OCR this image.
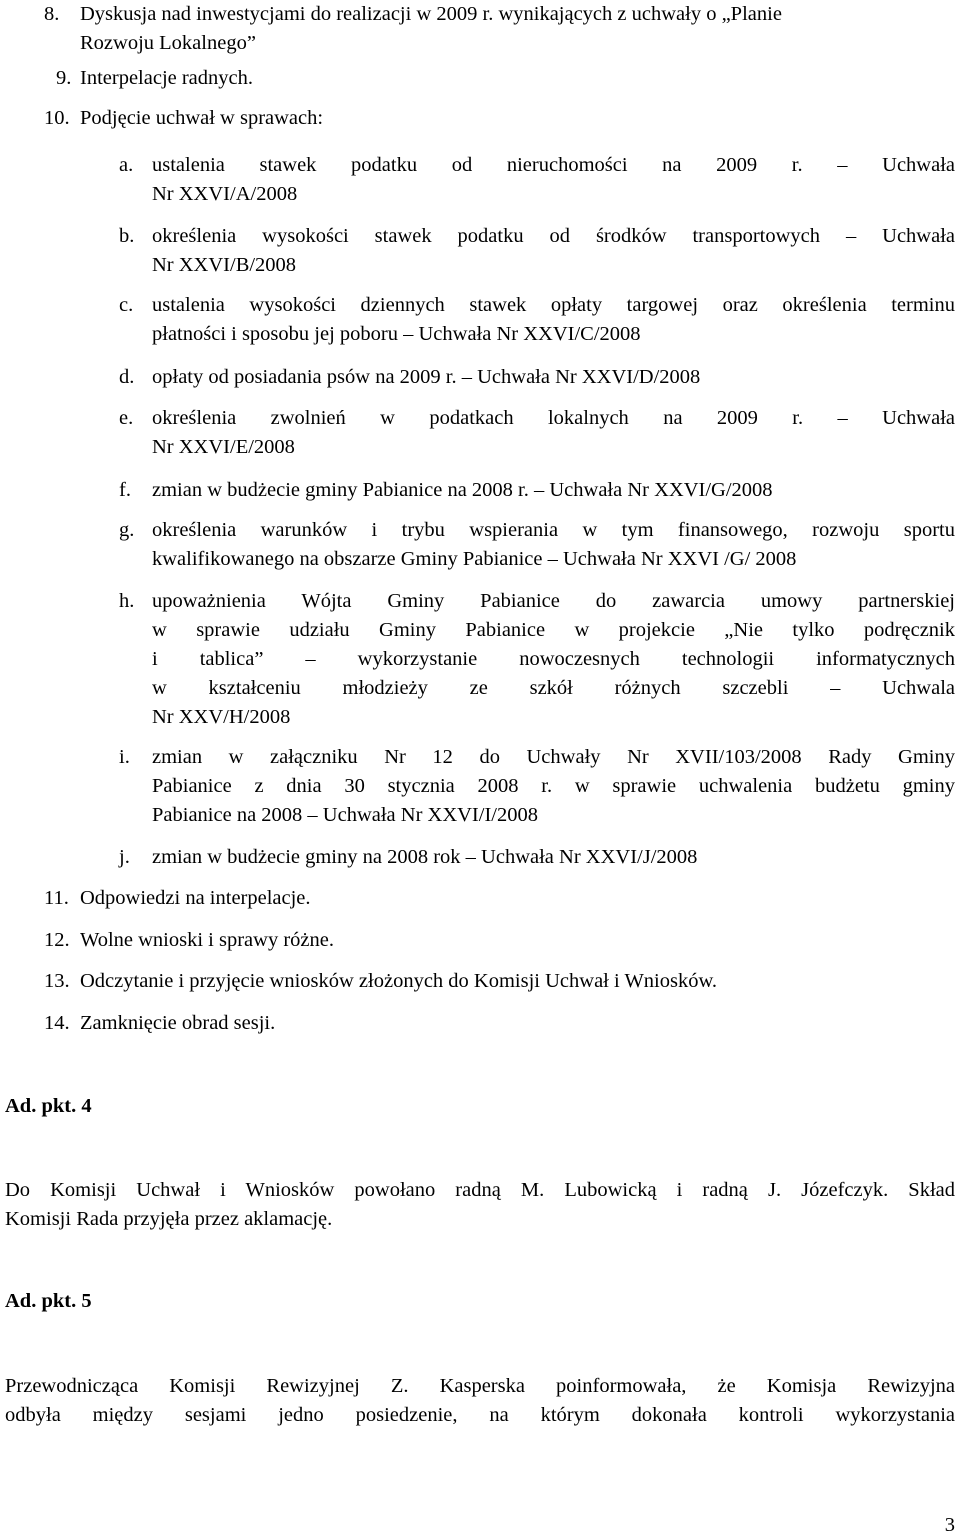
8. Dyskusja nad inwestycjami do realizacji w 2009 r. wynikających z uchwały o „Planie
Rozwoju Lokalnego”
9. Interpelacje radnych.
10. Podjęcie uchwał w sprawach:
a. ustalenia stawek podatku od nieruchomości na 2009 r. – Uchwała
Nr XXVI/A/2008
b. określenia wysokości stawek podatku od środków transportowych – Uchwała
Nr XXVI/B/2008
c. ustalenia wysokości dziennych stawek opłaty targowej oraz określenia terminu
płatności i sposobu jej poboru – Uchwała Nr XXVI/C/2008
d. opłaty od posiadania psów na 2009 r. – Uchwała Nr XXVI/D/2008
e. określenia zwolnień w podatkach lokalnych na 2009 r. – Uchwała
Nr XXVI/E/2008
f. zmian w budżecie gminy Pabianice na 2008 r. – Uchwała Nr XXVI/G/2008
g. określenia warunków i trybu wspierania w tym finansowego, rozwoju sportu
kwalifikowanego na obszarze Gminy Pabianice – Uchwała Nr XXVI /G/ 2008
h. upoważnienia Wójta Gminy Pabianice do zawarcia umowy partnerskiej
w sprawie udziału Gminy Pabianice w projekcie „Nie tylko podręcznik
i tablica” – wykorzystanie nowoczesnych technologii informatycznych
w kształceniu młodzieży ze szkół różnych szczebli – Uchwala
Nr XXV/H/2008
i. zmian w załączniku Nr 12 do Uchwały Nr XVII/103/2008 Rady Gminy
Pabianice z dnia 30 stycznia 2008 r. w sprawie uchwalenia budżetu gminy
Pabianice na 2008 – Uchwała Nr XXVI/I/2008
j. zmian w budżecie gminy na 2008 rok – Uchwała Nr XXVI/J/2008
11. Odpowiedzi na interpelacje.
12. Wolne wnioski i sprawy różne.
13. Odczytanie i przyjęcie wniosków złożonych do Komisji Uchwał i Wniosków.
14. Zamknięcie obrad sesji.
Ad. pkt. 4
Do Komisji Uchwał i Wniosków powołano radną M. Lubowicką i radną J. Józefczyk. Skład
Komisji Rada przyjęła przez aklamację.
Ad. pkt. 5
Przewodnicząca Komisji Rewizyjnej Z. Kasperska poinformowała, że Komisja Rewizyjna
odbyła między sesjami jedno posiedzenie, na którym dokonała kontroli wykorzystania
3
